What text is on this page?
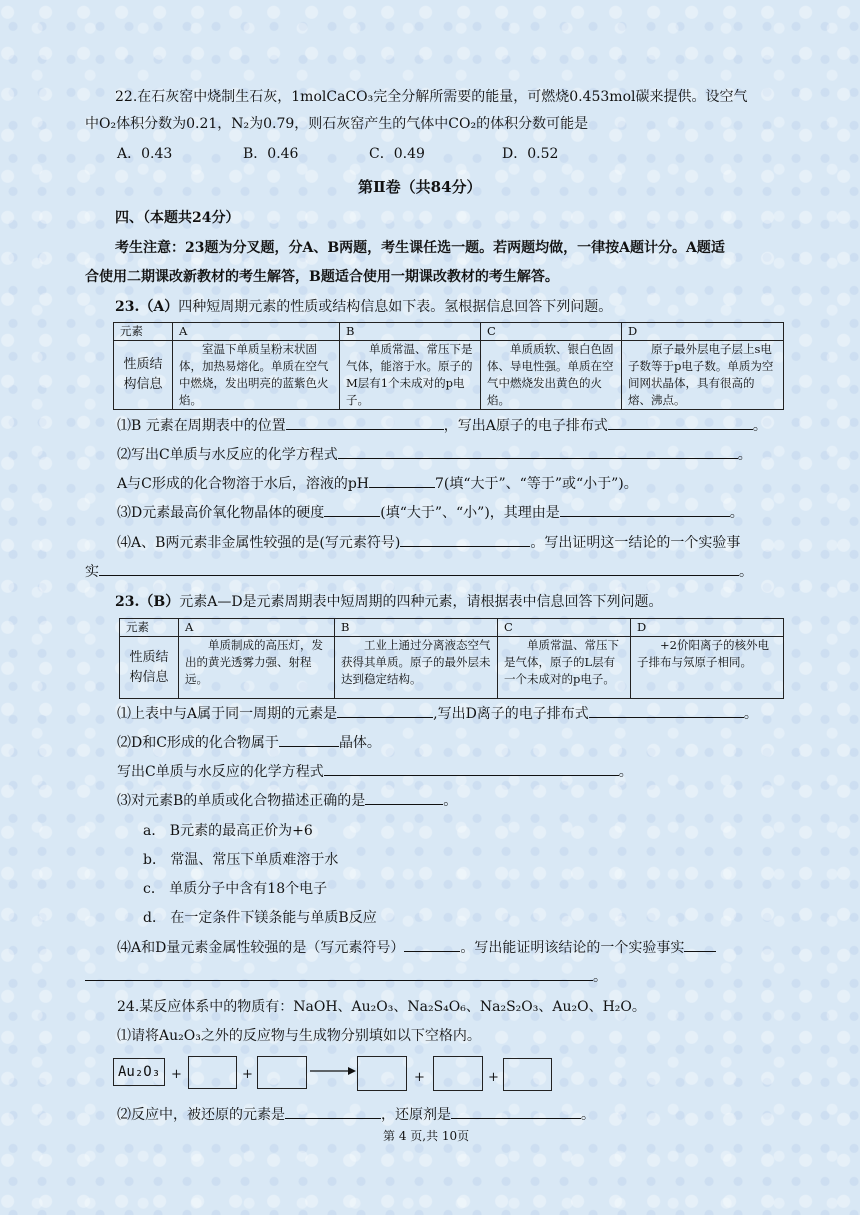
22.在石灰窑中烧制生石灰，1molCaCO₃完全分解所需要的能量，可燃烧0.453mol碳来提供。设空气
中O₂体积分数为0.21，N₂为0.79，则石灰窑产生的气体中CO₂的体积分数可能是
A．0.43	B．0.46	C．0.49	D．0.52
第Ⅱ卷（共84分）
四、（本题共24分）
考生注意：23题为分叉题，分A、B两题，考生课任选一题。若两题均做，一律按A题计分。A题适
合使用二期课改新教材的考生解答，B题适合使用一期课改教材的考生解答。
23.（A）四种短周期元素的性质或结构信息如下表。氢根据信息回答下列问题。
元素	A	B	C	D
性质结构信息	室温下单质呈粉末状固体，加热易熔化。单质在空气中燃烧，发出明亮的蓝紫色火焰。	单质常温、常压下是气体，能溶于水。原子的M层有1个未成对的p电子。	单质质软、银白色固体、导电性强。单质在空气中燃烧发出黄色的火焰。	原子最外层电子层上s电子数等于p电子数。单质为空间网状晶体，具有很高的熔、沸点。
⑴B 元素在周期表中的位置	，写出A原子的电子排布式	。
⑵写出C单质与水反应的化学方程式	。
A与C形成的化合物溶于水后，溶液的pH	7(填“大于”、“等于”或“小于”)。
⑶D元素最高价氧化物晶体的硬度	(填“大于”、“小”)，其理由是	。
⑷A、B两元素非金属性较强的是(写元素符号)	。写出证明这一结论的一个实验事
实	。
23.（B）元素A—D是元素周期表中短周期的四种元素，请根据表中信息回答下列问题。
元素	A	B	C	D
性质结构信息	单质制成的高压灯，发出的黄光透雾力强、射程远。	工业上通过分离液态空气获得其单质。原子的最外层未达到稳定结构。	单质常温、常压下是气体，原子的L层有一个未成对的p电子。	+2价阳离子的核外电子排布与氖原子相同。
⑴上表中与A属于同一周期的元素是	,写出D离子的电子排布式	。
⑵D和C形成的化合物属于	晶体。
写出C单质与水反应的化学方程式	。
⑶对元素B的单质或化合物描述正确的是	。
a． B元素的最高正价为+6
b． 常温、常压下单质难溶于水
c． 单质分子中含有18个电子
d． 在一定条件下镁条能与单质B反应
⑷A和D量元素金属性较强的是（写元素符号）	。写出能证明该结论的一个实验事实
。
24.某反应体系中的物质有：NaOH、Au₂O₃、Na₂S₄O₆、Na₂S₂O₃、Au₂O、H₂O。
⑴请将Au₂O₃之外的反应物与生成物分别填如以下空格内。
Au₂O₃ +	+	+	+
⑵反应中，被还原的元素是	，还原剂是	。
第 4 页,共 10页
